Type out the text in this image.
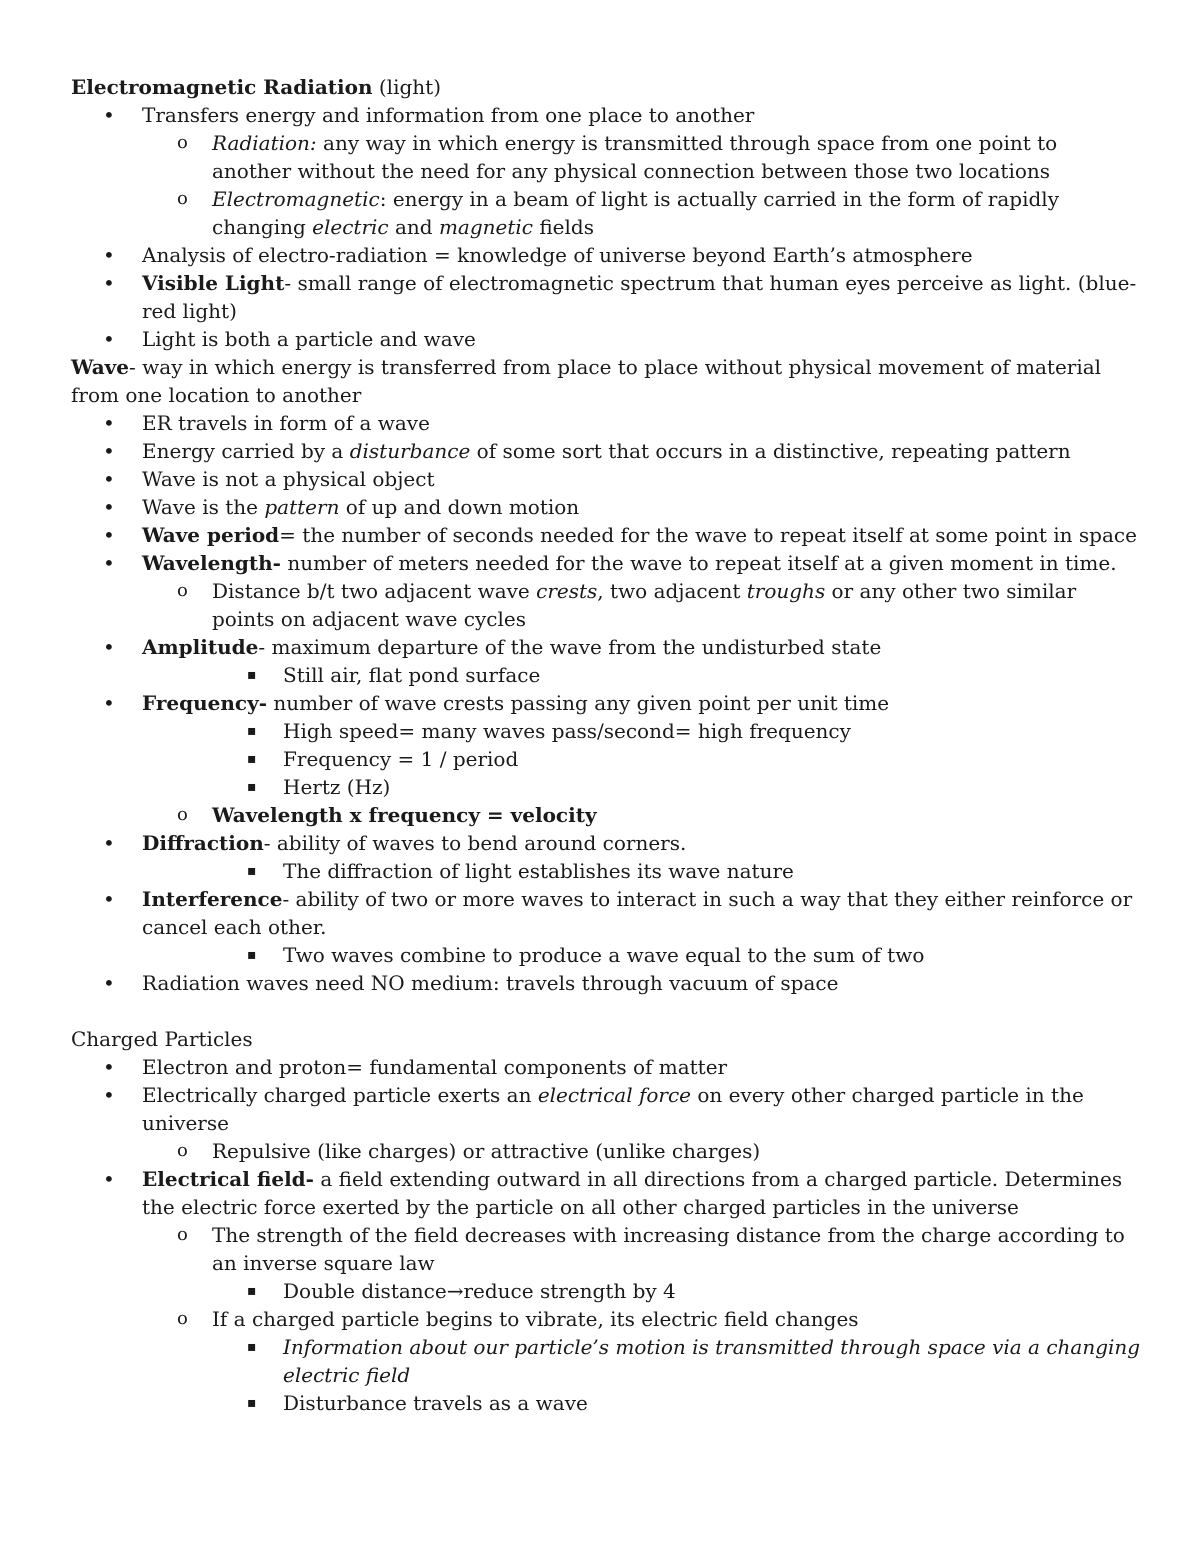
Electromagnetic Radiation (light)
• Transfers energy and information from one place to another
o Radiation: any way in which energy is transmitted through space from one point to another without the need for any physical connection between those two locations
o Electromagnetic: energy in a beam of light is actually carried in the form of rapidly changing electric and magnetic fields
• Analysis of electro-radiation = knowledge of universe beyond Earth’s atmosphere
• Visible Light- small range of electromagnetic spectrum that human eyes perceive as light. (blue-red light)
• Light is both a particle and wave
Wave- way in which energy is transferred from place to place without physical movement of material from one location to another
• ER travels in form of a wave
• Energy carried by a disturbance of some sort that occurs in a distinctive, repeating pattern
• Wave is not a physical object
• Wave is the pattern of up and down motion
• Wave period= the number of seconds needed for the wave to repeat itself at some point in space
• Wavelength- number of meters needed for the wave to repeat itself at a given moment in time.
o Distance b/t two adjacent wave crests, two adjacent troughs or any other two similar points on adjacent wave cycles
• Amplitude- maximum departure of the wave from the undisturbed state
▪ Still air, flat pond surface
• Frequency- number of wave crests passing any given point per unit time
▪ High speed= many waves pass/second= high frequency
▪ Frequency = 1 / period
▪ Hertz (Hz)
o Wavelength x frequency = velocity
• Diffraction- ability of waves to bend around corners.
▪ The diffraction of light establishes its wave nature
• Interference- ability of two or more waves to interact in such a way that they either reinforce or cancel each other.
▪ Two waves combine to produce a wave equal to the sum of two
• Radiation waves need NO medium: travels through vacuum of space
Charged Particles
• Electron and proton= fundamental components of matter
• Electrically charged particle exerts an electrical force on every other charged particle in the universe
o Repulsive (like charges) or attractive (unlike charges)
• Electrical field- a field extending outward in all directions from a charged particle. Determines the electric force exerted by the particle on all other charged particles in the universe
o The strength of the field decreases with increasing distance from the charge according to an inverse square law
▪ Double distance→reduce strength by 4
o If a charged particle begins to vibrate, its electric field changes
▪ Information about our particle’s motion is transmitted through space via a changing electric field
▪ Disturbance travels as a wave
